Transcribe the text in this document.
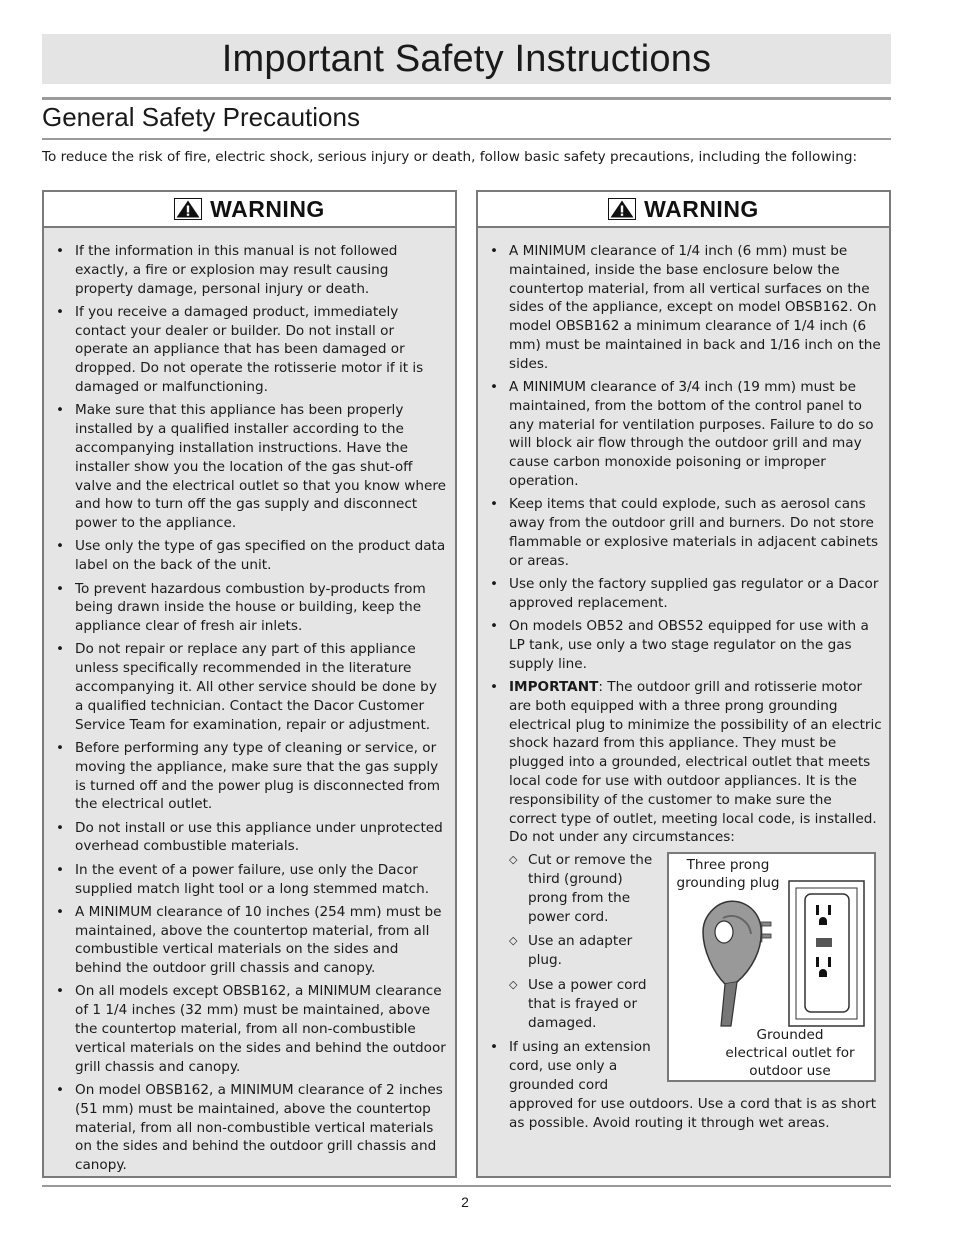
Important Safety Instructions
General Safety Precautions

To reduce the risk of fire, electric shock, serious injury or death, follow basic safety precautions, including the following:

WARNING
• If the information in this manual is not followed exactly, a fire or explosion may result causing property damage, personal injury or death.
• If you receive a damaged product, immediately contact your dealer or builder. Do not install or operate an appliance that has been damaged or dropped. Do not operate the rotisserie motor if it is damaged or malfunctioning.
• Make sure that this appliance has been properly installed by a qualified installer according to the accompanying installation instructions. Have the installer show you the location of the gas shut-off valve and the electrical outlet so that you know where and how to turn off the gas supply and disconnect power to the appliance.
• Use only the type of gas specified on the product data label on the back of the unit.
• To prevent hazardous combustion by-products from being drawn inside the house or building, keep the appliance clear of fresh air inlets.
• Do not repair or replace any part of this appliance unless specifically recommended in the literature accompanying it. All other service should be done by a qualified technician. Contact the Dacor Customer Service Team for examination, repair or adjustment.
• Before performing any type of cleaning or service, or moving the appliance, make sure that the gas supply is turned off and the power plug is disconnected from the electrical outlet.
• Do not install or use this appliance under unprotected overhead combustible materials.
• In the event of a power failure, use only the Dacor supplied match light tool or a long stemmed match.
• A MINIMUM clearance of 10 inches (254 mm) must be maintained, above the countertop material, from all combustible vertical materials on the sides and behind the outdoor grill chassis and canopy.
• On all models except OBSB162, a MINIMUM clearance of 1 1/4 inches (32 mm) must be maintained, above the countertop material, from all non-combustible vertical materials on the sides and behind the outdoor grill chassis and canopy.
• On model OBSB162, a MINIMUM clearance of 2 inches (51 mm) must be maintained, above the countertop material, from all non-combustible vertical materials on the sides and behind the outdoor grill chassis and canopy.
WARNING
• A MINIMUM clearance of 1/4 inch (6 mm) must be maintained, inside the base enclosure below the countertop material, from all vertical surfaces on the sides of the appliance, except on model OBSB162. On model OBSB162 a minimum clearance of 1/4 inch (6 mm) must be maintained in back and 1/16 inch on the sides.
• A MINIMUM clearance of 3/4 inch (19 mm) must be maintained, from the bottom of the control panel to any material for ventilation purposes. Failure to do so will block air flow through the outdoor grill and may cause carbon monoxide poisoning or improper operation.
• Keep items that could explode, such as aerosol cans away from the outdoor grill and burners. Do not store flammable or explosive materials in adjacent cabinets or areas.
• Use only the factory supplied gas regulator or a Dacor approved replacement.
• On models OB52 and OBS52 equipped for use with a LP tank, use only a two stage regulator on the gas supply line.
• IMPORTANT: The outdoor grill and rotisserie motor are both equipped with a three prong grounding electrical plug to minimize the possibility of an electric shock hazard from this appliance. They must be plugged into a grounded, electrical outlet that meets local code for use with outdoor appliances. It is the responsibility of the customer to make sure the correct type of outlet, meeting local code, is installed. Do not under any circumstances:
◇ Cut or remove the third (ground) prong from the power cord.
◇ Use an adapter plug.
◇ Use a power cord that is frayed or damaged.
• If using an extension cord, use only a grounded cord
approved for use outdoors. Use a cord that is as short as possible. Avoid routing it through wet areas.
Three prong grounding plug
Grounded electrical outlet for outdoor use
2
